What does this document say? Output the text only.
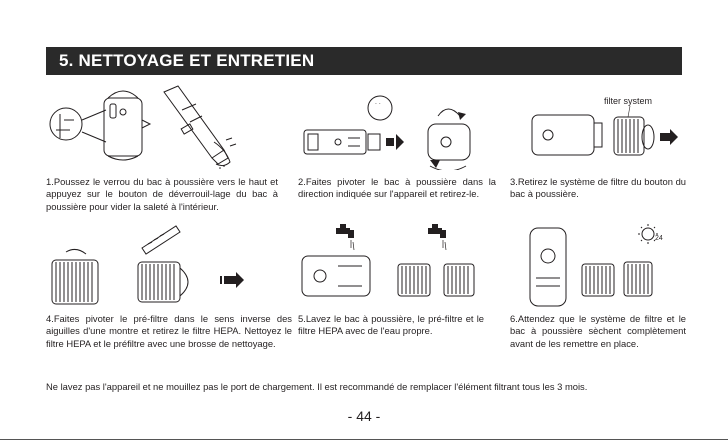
5. NETTOYAGE ET ENTRETIEN
· ·	filter system
1.Poussez le verrou du bac à poussière vers le haut et appuyez sur le bouton de déverrouil-lage du bac à poussière pour vider la saleté à l'intérieur.
2.Faites pivoter le bac à poussière dans la direction indiquée sur l'appareil et retirez-le.
3.Retirez le système de filtre du bouton du bac à poussière.
24
4.Faites pivoter le pré-filtre dans le sens inverse des aiguilles d'une montre et retirez le filtre HEPA. Nettoyez le filtre HEPA et le préfiltre avec une brosse de nettoyage.
5.Lavez le bac à poussière, le pré-filtre et le filtre HEPA avec de l'eau propre.
6.Attendez que le système de filtre et le bac à poussière sèchent complètement avant de les remettre en place.
Ne lavez pas l'appareil et ne mouillez pas le port de chargement. Il est recommandé de remplacer l'élément filtrant tous les 3 mois.
- 44 -
